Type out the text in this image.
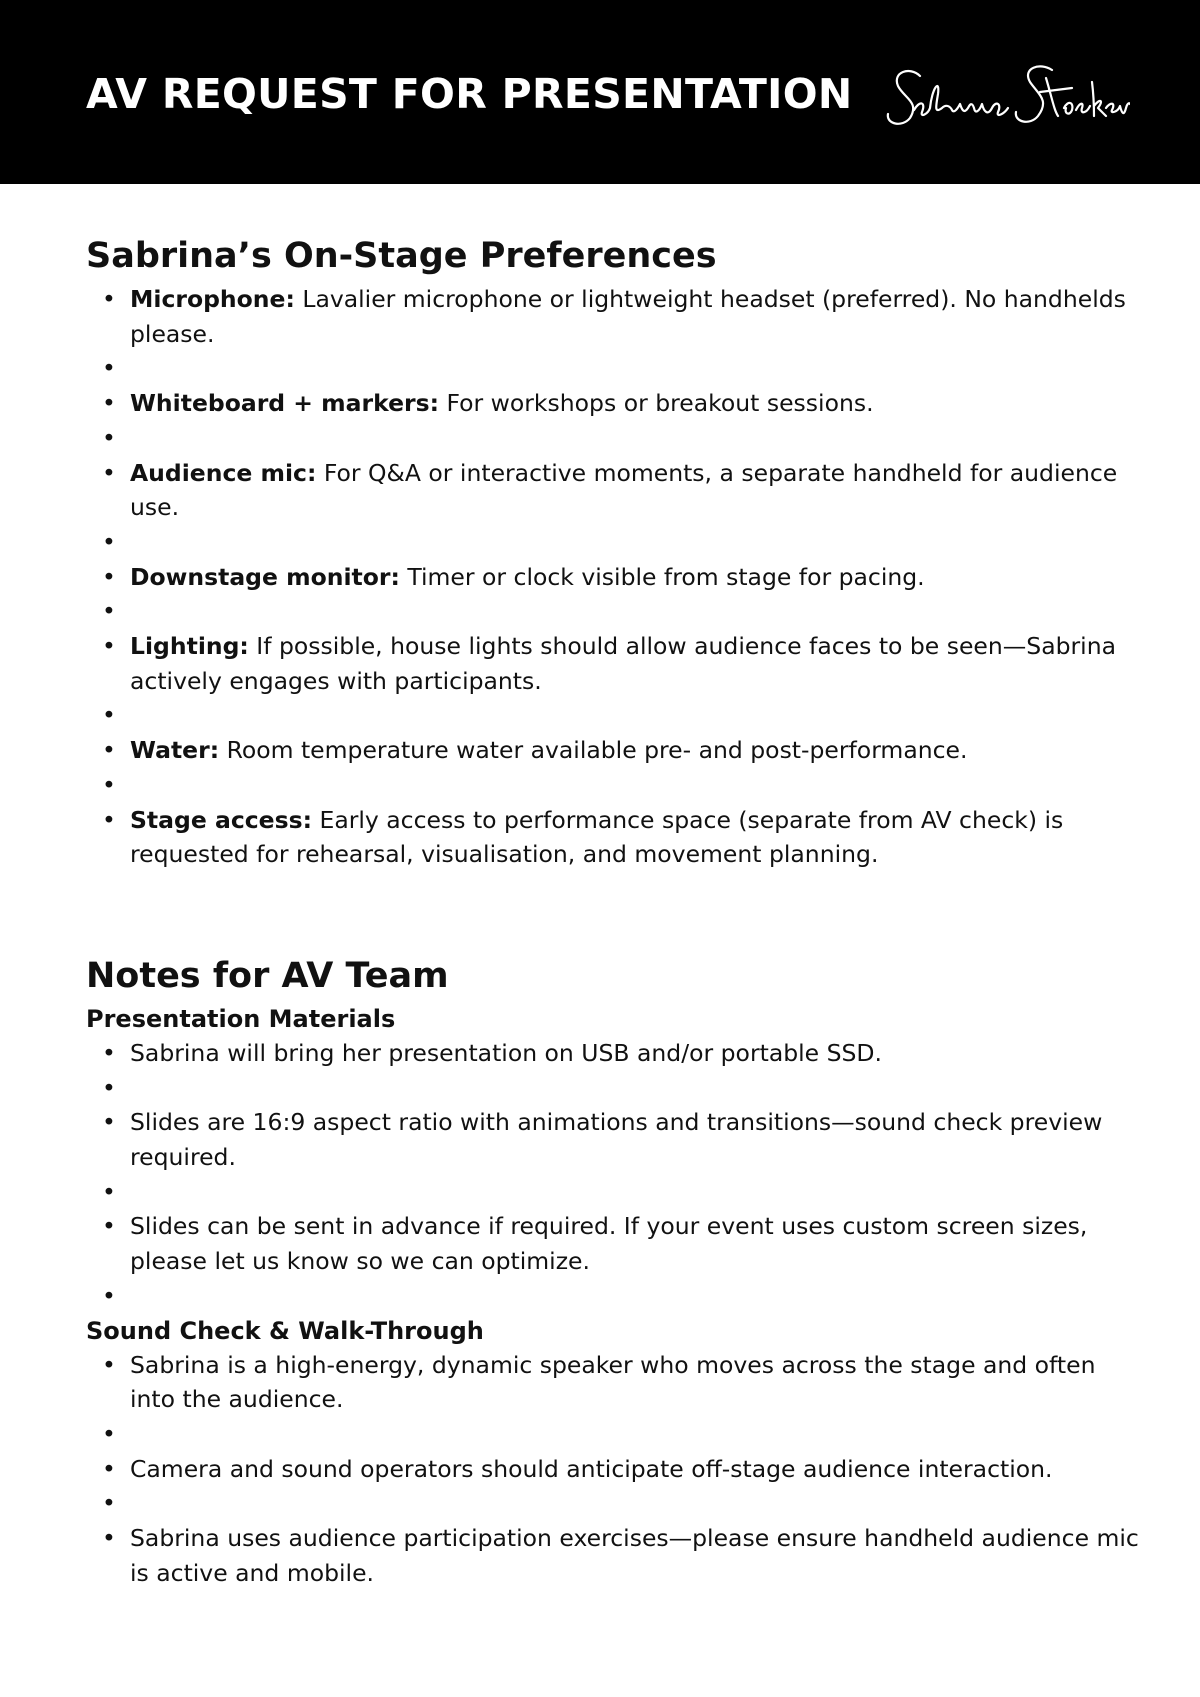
AV REQUEST FOR PRESENTATION
Sabrina’s On-Stage Preferences
• Microphone: Lavalier microphone or lightweight headset (preferred). No handhelds please.
•
• Whiteboard + markers: For workshops or breakout sessions.
•
• Audience mic: For Q&A or interactive moments, a separate handheld for audience use.
•
• Downstage monitor: Timer or clock visible from stage for pacing.
•
• Lighting: If possible, house lights should allow audience faces to be seen—Sabrina actively engages with participants.
•
• Water: Room temperature water available pre- and post-performance.
•
• Stage access: Early access to performance space (separate from AV check) is requested for rehearsal, visualisation, and movement planning.
Notes for AV Team
Presentation Materials
• Sabrina will bring her presentation on USB and/or portable SSD.
•
• Slides are 16:9 aspect ratio with animations and transitions—sound check preview required.
•
• Slides can be sent in advance if required. If your event uses custom screen sizes, please let us know so we can optimize.
•
Sound Check & Walk-Through
• Sabrina is a high-energy, dynamic speaker who moves across the stage and often into the audience.
•
• Camera and sound operators should anticipate off-stage audience interaction.
•
• Sabrina uses audience participation exercises—please ensure handheld audience mic is active and mobile.
